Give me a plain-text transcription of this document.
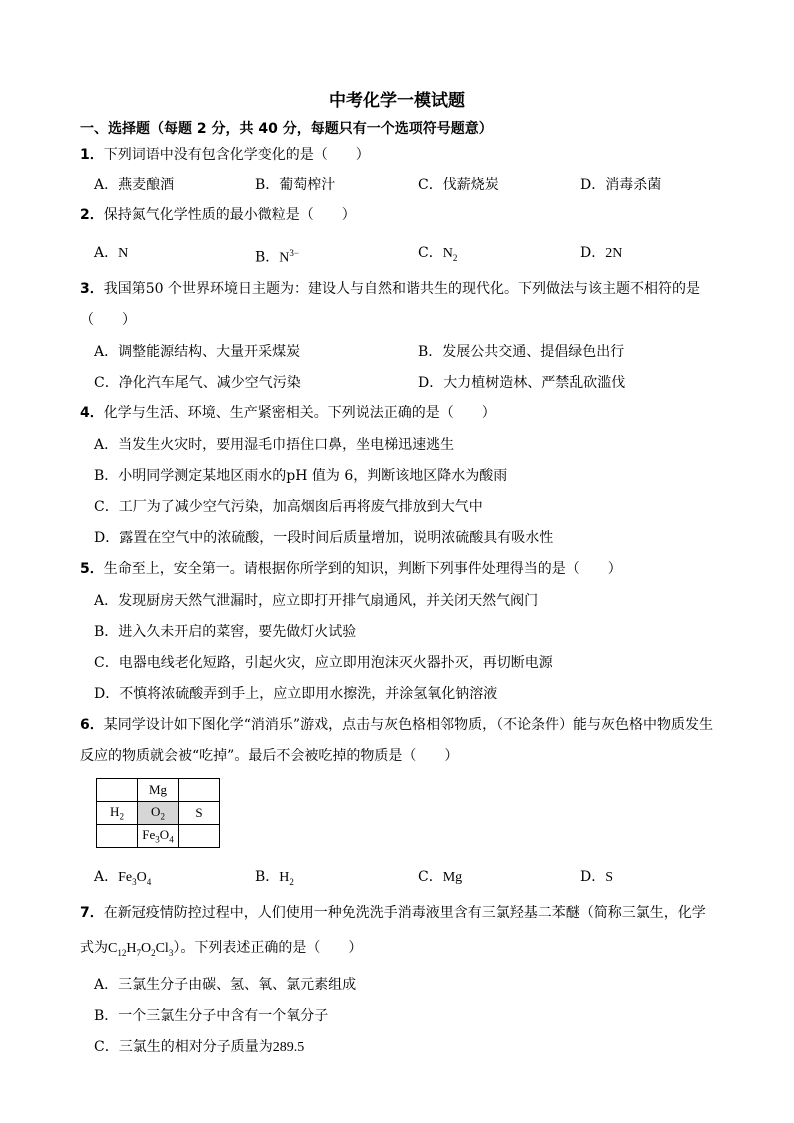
中考化学一模试题
一、选择题（每题 2 分，共 40 分，每题只有一个选项符号题意）
1．下列词语中没有包含化学变化的是（　　）
A．燕麦酿酒	B．葡萄榨汁	C．伐薪烧炭	D．消毒杀菌
2．保持氮气化学性质的最小微粒是（　　）
A．N	B．$N^{3-}$	C．$N_2$	D．2N
3．我国第50 个世界环境日主题为：建设人与自然和谐共生的现代化。下列做法与该主题不相符的是
（　　）
A．调整能源结构、大量开采煤炭	B．发展公共交通、提倡绿色出行
C．净化汽车尾气、减少空气污染	D．大力植树造林、严禁乱砍滥伐
4．化学与生活、环境、生产紧密相关。下列说法正确的是（　　）
A．当发生火灾时，要用湿毛巾捂住口鼻，坐电梯迅速逃生
B．小明同学测定某地区雨水的pH 值为 6，判断该地区降水为酸雨
C．工厂为了减少空气污染，加高烟囱后再将废气排放到大气中
D．露置在空气中的浓硫酸，一段时间后质量增加，说明浓硫酸具有吸水性
5．生命至上，安全第一。请根据你所学到的知识，判断下列事件处理得当的是（　　）
A．发现厨房天然气泄漏时，应立即打开排气扇通风，并关闭天然气阀门
B．进入久未开启的菜窖，要先做灯火试验
C．电器电线老化短路，引起火灾，应立即用泡沫灭火器扑灭，再切断电源
D．不慎将浓硫酸弄到手上，应立即用水擦洗，并涂氢氧化钠溶液
6．某同学设计如下图化学“消消乐”游戏，点击与灰色格相邻物质，（不论条件）能与灰色格中物质发生
反应的物质就会被“吃掉”。最后不会被吃掉的物质是（　　）
	Mg	
$H_2$	$O_2$	S
	$Fe_3O_4$	
A．$Fe_3O_4$	B．$H_2$	C．Mg	D．S
7．在新冠疫情防控过程中，人们使用一种免洗洗手消毒液里含有三氯羟基二苯醚（简称三氯生，化学
式为$C_{12}H_7O_2Cl_3$）。下列表述正确的是（　　）
A．三氯生分子由碳、氢、氧、氯元素组成
B．一个三氯生分子中含有一个氧分子
C．三氯生的相对分子质量为289.5
